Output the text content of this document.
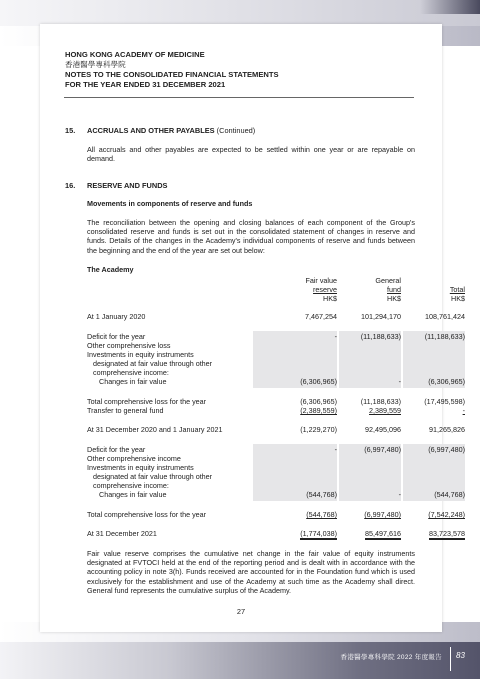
香港醫學專科學院 2022 年度報告 83
HONG KONG ACADEMY OF MEDICINE
香港醫學專科學院
NOTES TO THE CONSOLIDATED FINANCIAL STATEMENTS
FOR THE YEAR ENDED 31 DECEMBER 2021
15. ACCRUALS AND OTHER PAYABLES (Continued)
All accruals and other payables are expected to be settled within one year or are repayable on demand.
16. RESERVE AND FUNDS
Movements in components of reserve and funds
The reconciliation between the opening and closing balances of each component of the Group's consolidated reserve and funds is set out in the consolidated statement of changes in reserve and funds. Details of the changes in the Academy's individual components of reserve and funds between the beginning and the end of the year are set out below:
The Academy
Fair value
reserve
HK$
General
fund
HK$

Total
HK$
At 1 January 2020	7,467,254	101,294,170	108,761,424
Deficit for the year	-	(11,188,633)	(11,188,633)
Other comprehensive loss
Investments in equity instruments
designated at fair value through other
comprehensive income:
Changes in fair value	(6,306,965)	-	(6,306,965)
Total comprehensive loss for the year	(6,306,965)	(11,188,633)	(17,495,598)
Transfer to general fund	(2,389,559)	2,389,559	-
At 31 December 2020 and 1 January 2021	(1,229,270)	92,495,096	91,265,826
Deficit for the year	-	(6,997,480)	(6,997,480)
Other comprehensive income
Investments in equity instruments
designated at fair value through other
comprehensive income:
Changes in fair value	(544,768)	-	(544,768)
Total comprehensive loss for the year	(544,768)	(6,997,480)	(7,542,248)
At 31 December 2021	(1,774,038)	85,497,616	83,723,578
Fair value reserve comprises the cumulative net change in the fair value of equity instruments designated at FVTOCI held at the end of the reporting period and is dealt with in accordance with the accounting policy in note 3(h). Funds received are accounted for in the Foundation fund which is used exclusively for the establishment and use of the Academy at such time as the Academy shall direct. General fund represents the cumulative surplus of the Academy.
27
